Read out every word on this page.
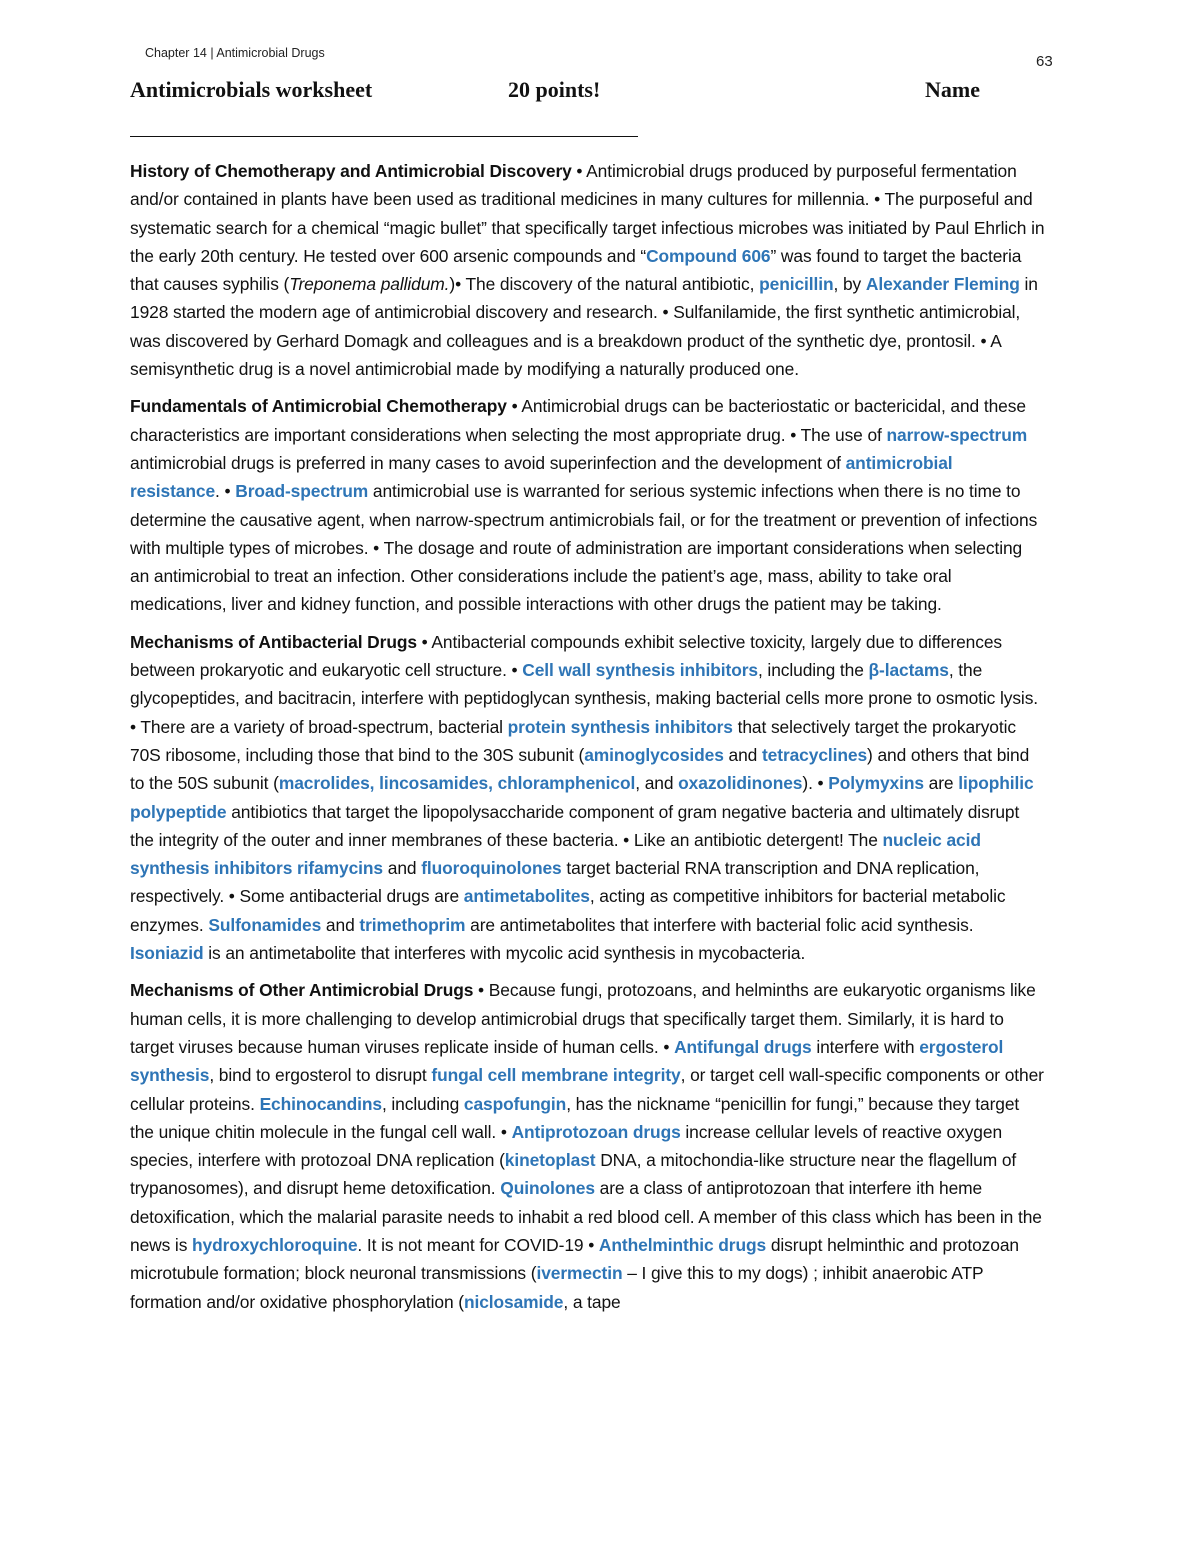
Chapter 14 | Antimicrobial Drugs	63
Antimicrobials worksheet	20 points!	Name

History of Chemotherapy and Antimicrobial Discovery • Antimicrobial drugs produced by purposeful fermentation and/or contained in plants have been used as traditional medicines in many cultures for millennia. • The purposeful and systematic search for a chemical “magic bullet” that specifically target infectious microbes was initiated by Paul Ehrlich in the early 20th century. He tested over 600 arsenic compounds and “Compound 606” was found to target the bacteria that causes syphilis (Treponema pallidum.)• The discovery of the natural antibiotic, penicillin, by Alexander Fleming in 1928 started the modern age of antimicrobial discovery and research. • Sulfanilamide, the first synthetic antimicrobial, was discovered by Gerhard Domagk and colleagues and is a breakdown product of the synthetic dye, prontosil. • A semisynthetic drug is a novel antimicrobial made by modifying a naturally produced one.

Fundamentals of Antimicrobial Chemotherapy • Antimicrobial drugs can be bacteriostatic or bactericidal, and these characteristics are important considerations when selecting the most appropriate drug. • The use of narrow-spectrum antimicrobial drugs is preferred in many cases to avoid superinfection and the development of antimicrobial resistance. • Broad-spectrum antimicrobial use is warranted for serious systemic infections when there is no time to determine the causative agent, when narrow-spectrum antimicrobials fail, or for the treatment or prevention of infections with multiple types of microbes. • The dosage and route of administration are important considerations when selecting an antimicrobial to treat an infection. Other considerations include the patient’s age, mass, ability to take oral medications, liver and kidney function, and possible interactions with other drugs the patient may be taking.

Mechanisms of Antibacterial Drugs • Antibacterial compounds exhibit selective toxicity, largely due to differences between prokaryotic and eukaryotic cell structure. • Cell wall synthesis inhibitors, including the β-lactams, the glycopeptides, and bacitracin, interfere with peptidoglycan synthesis, making bacterial cells more prone to osmotic lysis. • There are a variety of broad-spectrum, bacterial protein synthesis inhibitors that selectively target the prokaryotic 70S ribosome, including those that bind to the 30S subunit (aminoglycosides and tetracyclines) and others that bind to the 50S subunit (macrolides, lincosamides, chloramphenicol, and oxazolidinones). • Polymyxins are lipophilic polypeptide antibiotics that target the lipopolysaccharide component of gram negative bacteria and ultimately disrupt the integrity of the outer and inner membranes of these bacteria. • Like an antibiotic detergent! The nucleic acid synthesis inhibitors rifamycins and fluoroquinolones target bacterial RNA transcription and DNA replication, respectively. • Some antibacterial drugs are antimetabolites, acting as competitive inhibitors for bacterial metabolic enzymes. Sulfonamides and trimethoprim are antimetabolites that interfere with bacterial folic acid synthesis. Isoniazid is an antimetabolite that interferes with mycolic acid synthesis in mycobacteria.

Mechanisms of Other Antimicrobial Drugs • Because fungi, protozoans, and helminths are eukaryotic organisms like human cells, it is more challenging to develop antimicrobial drugs that specifically target them. Similarly, it is hard to target viruses because human viruses replicate inside of human cells. • Antifungal drugs interfere with ergosterol synthesis, bind to ergosterol to disrupt fungal cell membrane integrity, or target cell wall-specific components or other cellular proteins. Echinocandins, including caspofungin, has the nickname “penicillin for fungi,” because they target the unique chitin molecule in the fungal cell wall. • Antiprotozoan drugs increase cellular levels of reactive oxygen species, interfere with protozoal DNA replication (kinetoplast DNA, a mitochondia-like structure near the flagellum of trypanosomes), and disrupt heme detoxification. Quinolones are a class of antiprotozoan that interfere ith heme detoxification, which the malarial parasite needs to inhabit a red blood cell. A member of this class which has been in the news is hydroxychloroquine. It is not meant for COVID-19 • Anthelminthic drugs disrupt helminthic and protozoan microtubule formation; block neuronal transmissions (ivermectin – I give this to my dogs) ; inhibit anaerobic ATP formation and/or oxidative phosphorylation (niclosamide, a tape
